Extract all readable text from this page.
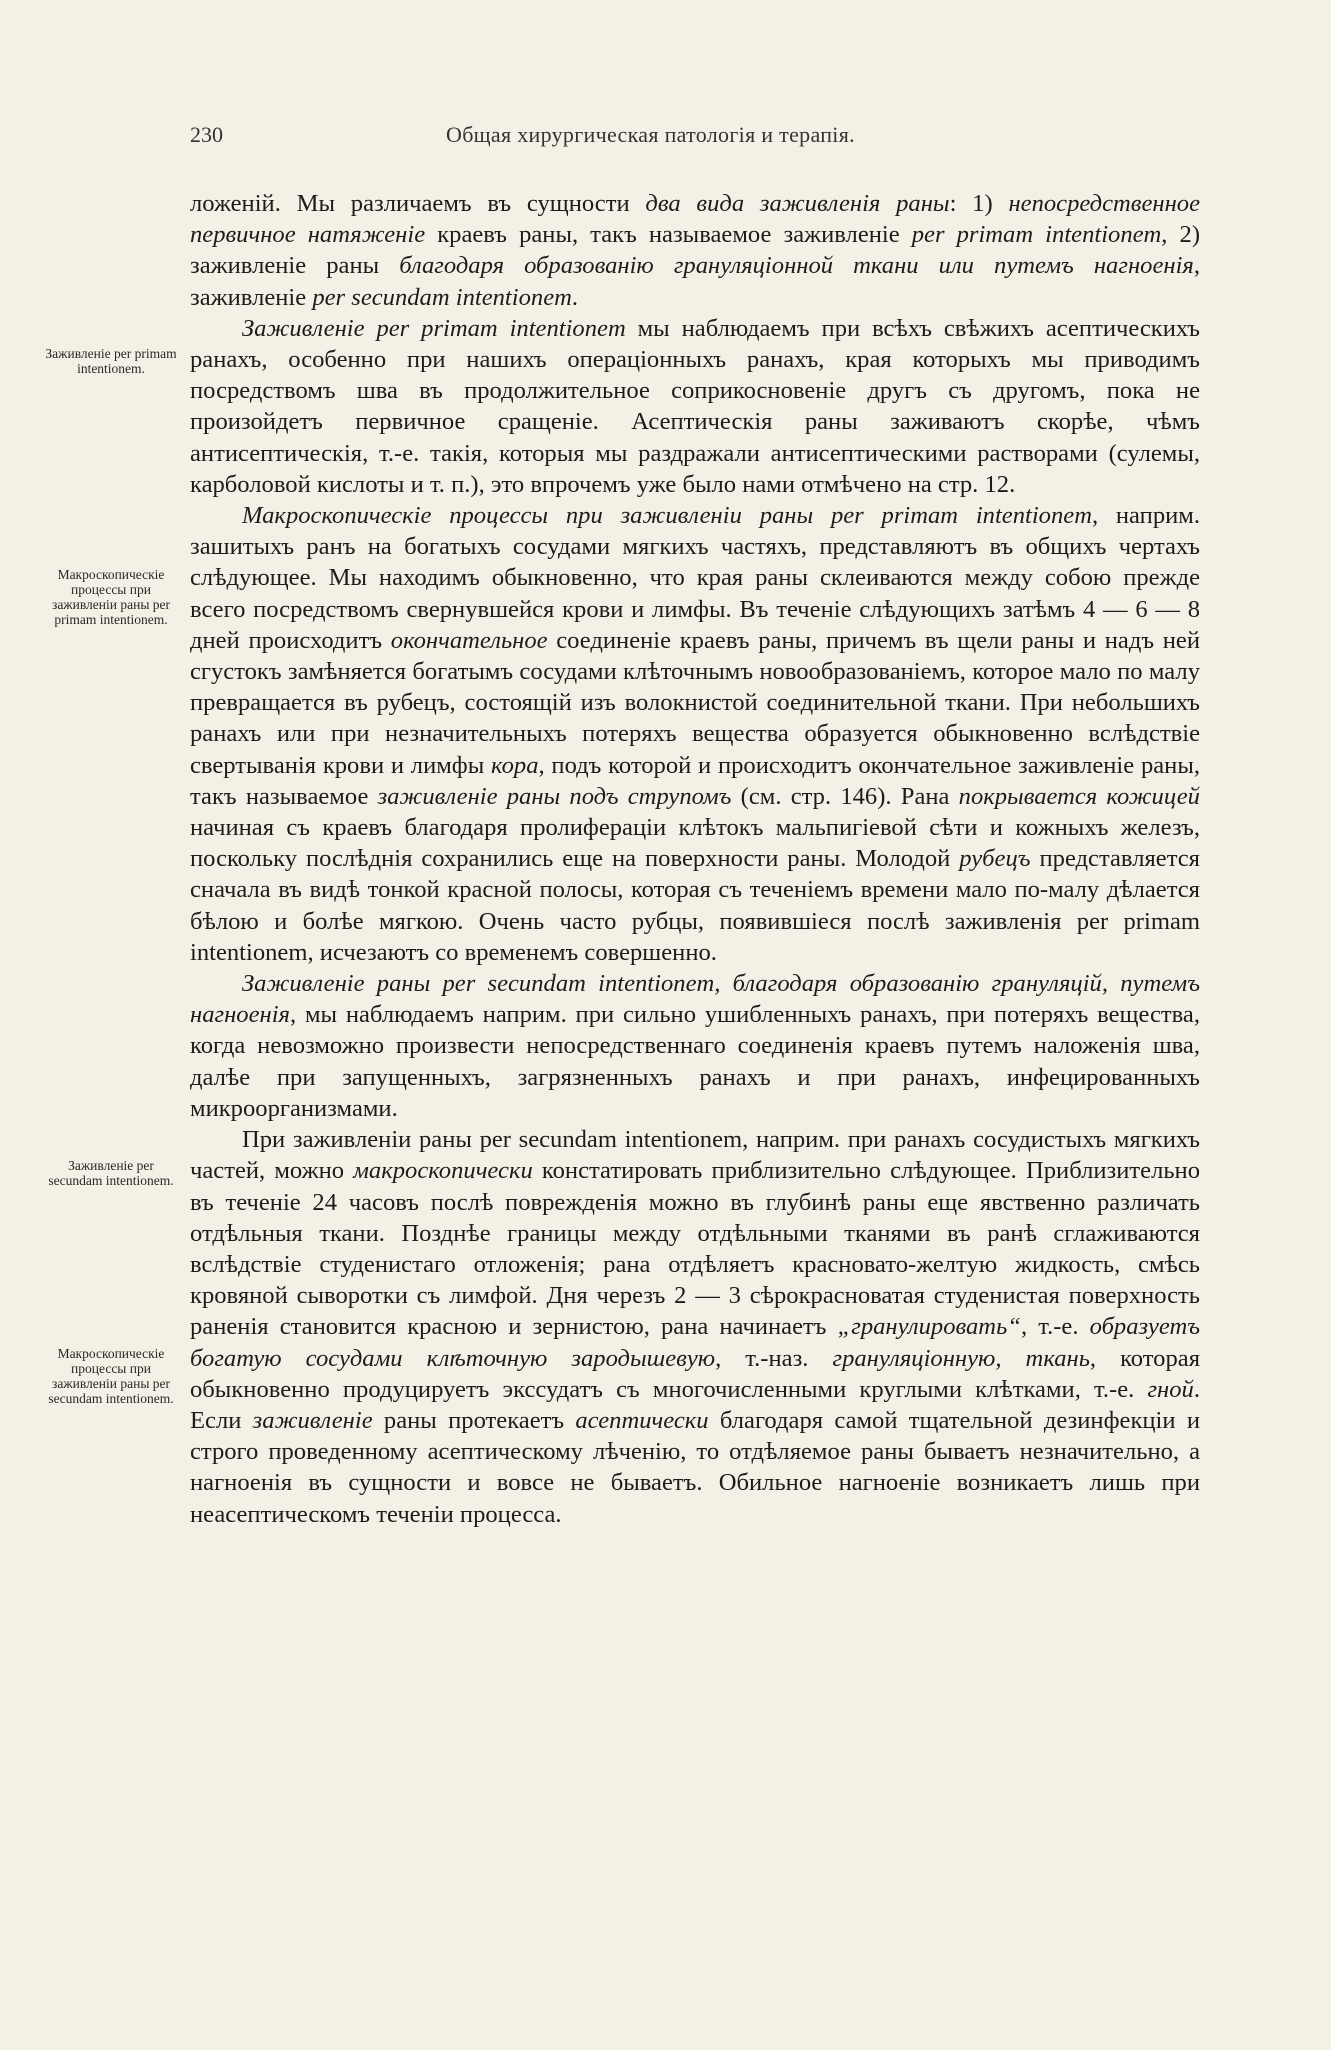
230	Общая хирургическая патологія и терапія.
Заживленіе per primam intentionem.
Макроскопическіе процессы при заживленіи раны per primam intentionem.
Заживленіе per secundam intentionem.
Макроскопическіе процессы при заживленіи раны per secundam intentionem.

ложеній. Мы различаемъ въ сущности два вида заживленія раны: 1) непосредственное первичное натяженіе краевъ раны, такъ называемое заживленіе per primam intentionem, 2) заживленіе раны благодаря образованію грануляціонной ткани или путемъ нагноенія, заживленіе per secundam intentionem.

Заживленіе per primam intentionem мы наблюдаемъ при всѣхъ свѣжихъ асептическихъ ранахъ, особенно при нашихъ операціонныхъ ранахъ, края которыхъ мы приводимъ посредствомъ шва въ продолжительное соприкосновеніе другъ съ другомъ, пока не произойдетъ первичное сращеніе. Асептическія раны заживаютъ скорѣе, чѣмъ антисептическія, т.-е. такія, которыя мы раздражали антисептическими растворами (сулемы, карболовой кислоты и т. п.), это впрочемъ уже было нами отмѣчено на стр. 12.

Макроскопическіе процессы при заживленіи раны per primam intentionem, наприм. зашитыхъ ранъ на богатыхъ сосудами мягкихъ частяхъ, представляютъ въ общихъ чертахъ слѣдующее. Мы находимъ обыкновенно, что края раны склеиваются между собою прежде всего посредствомъ свернувшейся крови и лимфы. Въ теченіе слѣдующихъ затѣмъ 4 — 6 — 8 дней происходитъ окончательное соединеніе краевъ раны, причемъ въ щели раны и надъ ней сгустокъ замѣняется богатымъ сосудами клѣточнымъ новообразованіемъ, которое мало по малу превращается въ рубецъ, состоящій изъ волокнистой соединительной ткани. При небольшихъ ранахъ или при незначительныхъ потеряхъ вещества образуется обыкновенно вслѣдствіе свертыванія крови и лимфы кора, подъ которой и происходитъ окончательное заживленіе раны, такъ называемое заживленіе раны подъ струпомъ (см. стр. 146). Рана покрывается кожицей начиная съ краевъ благодаря пролифераціи клѣтокъ мальпигіевой сѣти и кожныхъ железъ, поскольку послѣднія сохранились еще на поверхности раны. Молодой рубецъ представляется сначала въ видѣ тонкой красной полосы, которая съ теченіемъ времени мало по-малу дѣлается бѣлою и болѣе мягкою. Очень часто рубцы, появившіеся послѣ заживленія per primam intentionem, исчезаютъ со временемъ совершенно.

Заживленіе раны per secundam intentionem, благодаря образованію грануляцій, путемъ нагноенія, мы наблюдаемъ наприм. при сильно ушибленныхъ ранахъ, при потеряхъ вещества, когда невозможно произвести непосредственнаго соединенія краевъ путемъ наложенія шва, далѣе при запущенныхъ, загрязненныхъ ранахъ и при ранахъ, инфецированныхъ микроорганизмами.

При заживленіи раны per secundam intentionem, наприм. при ранахъ сосудистыхъ мягкихъ частей, можно макроскопически констатировать приблизительно слѣдующее. Приблизительно въ теченіе 24 часовъ послѣ поврежденія можно въ глубинѣ раны еще явственно различать отдѣльныя ткани. Позднѣе границы между отдѣльными тканями въ ранѣ сглаживаются вслѣдствіе студенистаго отложенія; рана отдѣляетъ красновато-желтую жидкость, смѣсь кровяной сыворотки съ лимфой. Дня черезъ 2 — 3 сѣрокрасноватая студенистая поверхность раненія становится красною и зернистою, рана начинаетъ „гранулировать“, т.-е. образуетъ богатую сосудами клѣточную зародышевую, т.-наз. грануляціонную, ткань, которая обыкновенно продуцируетъ экссудатъ съ многочисленными круглыми клѣтками, т.-е. гной. Если заживленіе раны протекаетъ асептически благодаря самой тщательной дезинфекціи и строго проведенному асептическому лѣченію, то отдѣляемое раны бываетъ незначительно, а нагноенія въ сущности и вовсе не бываетъ. Обильное нагноеніе возникаетъ лишь при неасептическомъ теченіи процесса.
